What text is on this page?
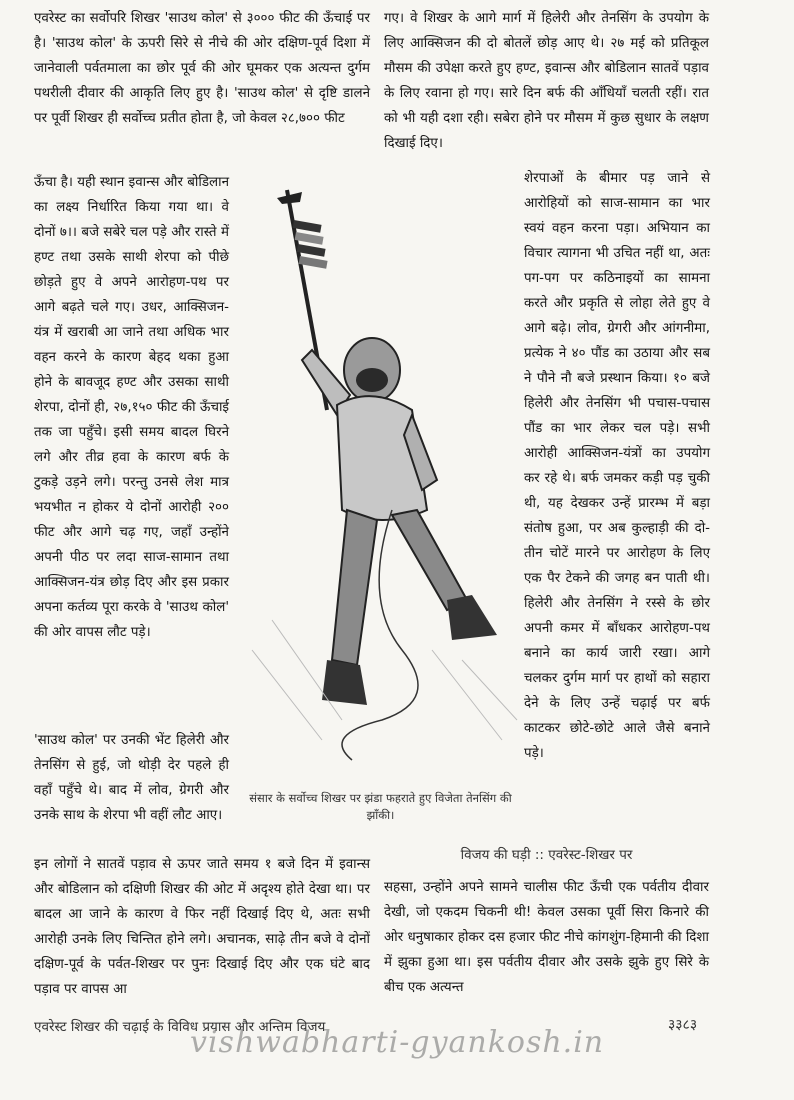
एवरेस्ट का सर्वोपरि शिखर 'साउथ कोल' से ३००० फीट की ऊँचाई पर है। 'साउथ कोल' के ऊपरी सिरे से नीचे की ओर दक्षिण-पूर्व दिशा में जानेवाली पर्वतमाला का छोर पूर्व की ओर घूमकर एक अत्यन्त दुर्गम पथरीली दीवार की आकृति लिए हुए है। 'साउथ कोल' से दृष्टि डालने पर पूर्वी शिखर ही सर्वोच्च प्रतीत होता है, जो केवल २८,७०० फीट

ऊँचा है। यही स्थान इवान्स और बोडिलान का लक्ष्य निर्धारित किया गया था। वे दोनों ७।। बजे सबेरे चल पड़े और रास्ते में हण्ट तथा उसके साथी शेरपा को पीछे छोड़ते हुए वे अपने आरोहण-पथ पर आगे बढ़ते चले गए। उधर, आक्सिजन-यंत्र में खराबी आ जाने तथा अधिक भार वहन करने के कारण बेहद थका हुआ होने के बावजूद हण्ट और उसका साथी शेरपा, दोनों ही, २७,१५० फीट की ऊँचाई तक जा पहुँचे। इसी समय बादल घिरने लगे और तीव्र हवा के कारण बर्फ के टुकड़े उड़ने लगे। परन्तु उनसे लेश मात्र भयभीत न होकर ये दोनों आरोही २०० फीट और आगे चढ़ गए, जहाँ उन्होंने अपनी पीठ पर लदा साज-सामान तथा आक्सिजन-यंत्र छोड़ दिए और इस प्रकार अपना कर्तव्य पूरा करके वे 'साउथ कोल' की ओर वापस लौट पड़े।

'साउथ कोल' पर उनकी भेंट हिलेरी और तेनसिंग से हुई, जो थोड़ी देर पहले ही वहाँ पहुँचे थे। बाद में लोव, ग्रेगरी और उनके साथ के शेरपा भी वहीं लौट आए।

इन लोगों ने सातवें पड़ाव से ऊपर जाते समय १ बजे दिन में इवान्स और बोडिलान को दक्षिणी शिखर की ओट में अदृश्य होते देखा था। पर बादल आ जाने के कारण वे फिर नहीं दिखाई दिए थे, अतः सभी आरोही उनके लिए चिन्तित होने लगे। अचानक, साढ़े तीन बजे वे दोनों दक्षिण-पूर्व के पर्वत-शिखर पर पुनः दिखाई दिए और एक घंटे बाद पड़ाव पर वापस आ

गए। वे शिखर के आगे मार्ग में हिलेरी और तेनसिंग के उपयोग के लिए आक्सिजन की दो बोतलें छोड़ आए थे। २७ मई को प्रतिकूल मौसम की उपेक्षा करते हुए हण्ट, इवान्स और बोडिलान सातवें पड़ाव के लिए रवाना हो गए। सारे दिन बर्फ की आँधियाँ चलती रहीं। रात को भी यही दशा रही। सबेरा होने पर मौसम में कुछ सुधार के लक्षण दिखाई दिए।

शेरपाओं के बीमार पड़ जाने से आरोहियों को साज-सामान का भार स्वयं वहन करना पड़ा। अभियान का विचार त्यागना भी उचित नहीं था, अतः पग-पग पर कठिनाइयों का सामना करते और प्रकृति से लोहा लेते हुए वे आगे बढ़े। लोव, ग्रेगरी और आंगनीमा, प्रत्येक ने ४० पौंड का उठाया और सब ने पौने नौ बजे प्रस्थान किया। १० बजे हिलेरी और तेनसिंग भी पचास-पचास पौंड का भार लेकर चल पड़े। सभी आरोही आक्सिजन-यंत्रों का उपयोग कर रहे थे। बर्फ जमकर कड़ी पड़ चुकी थी, यह देखकर उन्हें प्रारम्भ में बड़ा संतोष हुआ, पर अब कुल्हाड़ी की दो-तीन चोटें मारने पर आरोहण के लिए एक पैर टेकने की जगह बन पाती थी। हिलेरी और तेनसिंग ने रस्से के छोर अपनी कमर में बाँधकर आरोहण-पथ बनाने का कार्य जारी रखा। आगे चलकर दुर्गम मार्ग पर हाथों को सहारा देने के लिए उन्हें चढ़ाई पर बर्फ काटकर छोटे-छोटे आले जैसे बनाने पड़े।

संसार के सर्वोच्च शिखर पर झंडा फहराते हुए विजेता तेनसिंग की झाँकी।
विजय की घड़ी :: एवरेस्ट-शिखर पर

सहसा, उन्होंने अपने सामने चालीस फीट ऊँची एक पर्वतीय दीवार देखी, जो एकदम चिकनी थी! केवल उसका पूर्वी सिरा किनारे की ओर धनुषाकार होकर दस हजार फीट नीचे कांगशुंग-हिमानी की दिशा में झुका हुआ था। इस पर्वतीय दीवार और उसके झुके हुए सिरे के बीच एक अत्यन्त

एवरेस्ट शिखर की चढ़ाई के विविध प्रयास और अन्तिम विजय	३३८३
vishwabharti-gyankosh.in
